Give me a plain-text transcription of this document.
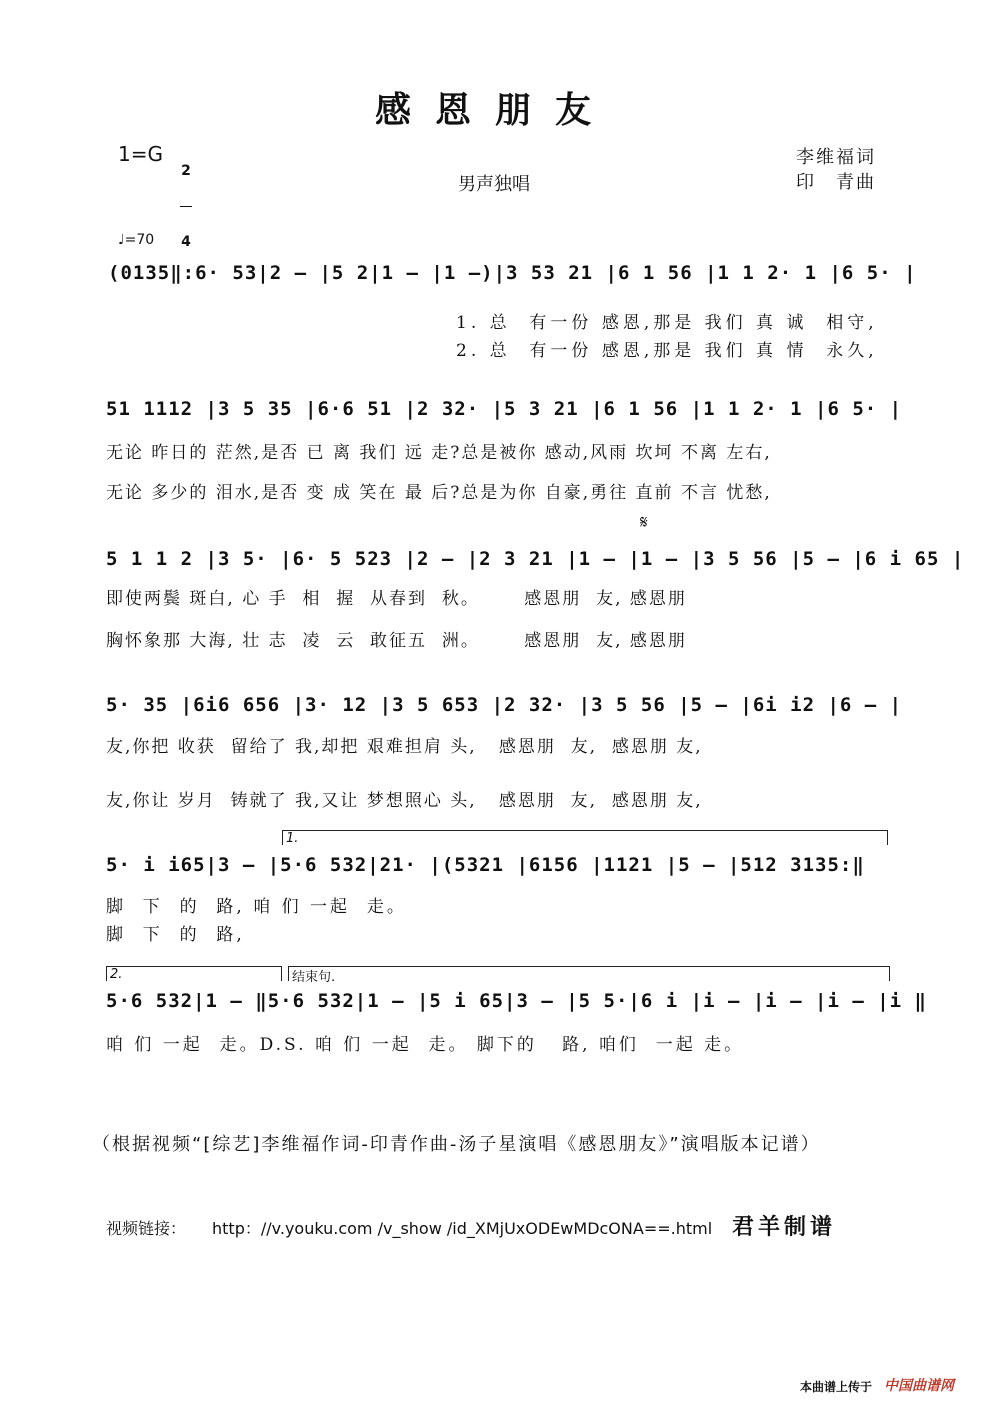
感恩朋友
1=G

2

4

男声独唱
李维福词
印　青曲
♩=70
(0135‖:6· 53|2 – |5 2|1 – |1 –)|3 53 21 |6 1 56 |1 1 2· 1 |6 5· |
1. 总  有一份 感恩,那是 我们 真 诚  相守,
2. 总  有一份 感恩,那是 我们 真 情  永久,
51 1112 |3 5 35 |6·6 51 |2 32· |5 3 21 |6 1 56 |1 1 2· 1 |6 5· |
无论 昨日的 茫然,是否 已 离 我们 远 走?总是被你 感动,风雨 坎坷 不离 左右,
无论 多少的 泪水,是否 变 成 笑在 最 后?总是为你 自豪,勇往 直前 不言 忧愁,
𝄋
5 1 1 2 |3 5· |6· 5 523 |2 – |2 3 21 |1 – |1 – |3 5 56 |5 – |6 i 65 |
即使两鬓 斑白, 心 手  相  握  从春到  秋。      感恩朋  友, 感恩朋
胸怀象那 大海, 壮 志  凌  云  敢征五  洲。      感恩朋  友, 感恩朋
5· 35 |6i6 656 |3· 12 |3 5 653 |2 32· |3 5 56 |5 – |6i i2 |6 – |
友,你把 收获  留给了 我,却把 艰难担肩 头,   感恩朋  友,  感恩朋 友,
友,你让 岁月  铸就了 我,又让 梦想照心 头,   感恩朋  友,  感恩朋 友,
1.
5· i i65|3 – |5·6 532|21· |(5321 |6156 |1121 |5 – |512 3135:‖
脚  下  的  路, 咱 们 一起  走。
脚  下  的  路,
2.	结束句.
5·6 532|1 – ‖5·6 532|1 – |5 i 65|3 – |5 5·|6 i |i – |i – |i – |i ‖
咱 们 一起  走。D.S. 咱 们 一起  走。 脚下的   路, 咱们  一起 走。
（根据视频“[综艺]李维福作词-印青作曲-汤子星演唱《感恩朋友》”演唱版本记谱）
视频链接： http：//v.youku.com /v_show /id_XMjUxODEwMDcONA==.html 君羊制谱
本曲谱上传于 中国曲谱网
